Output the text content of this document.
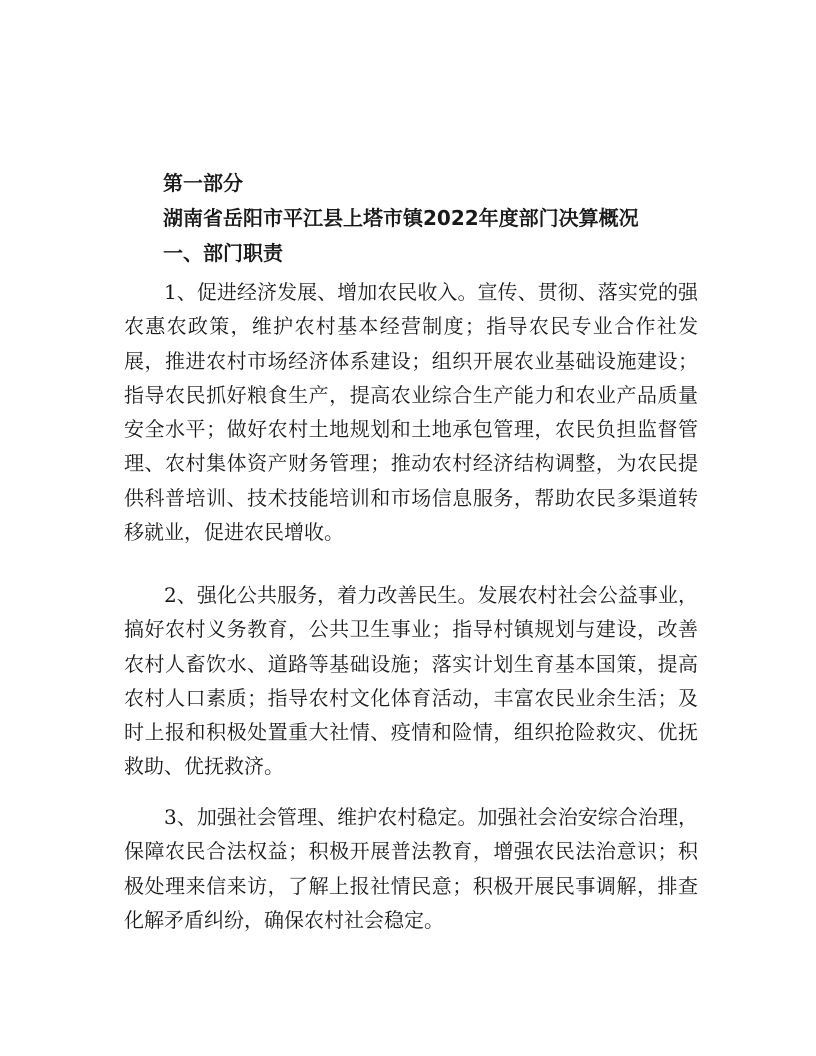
第一部分
湖南省岳阳市平江县上塔市镇2022年度部门决算概况
一、部门职责

1、促进经济发展、增加农民收入。宣传、贯彻、落实党的强农惠农政策，维护农村基本经营制度；指导农民专业合作社发展，推进农村市场经济体系建设；组织开展农业基础设施建设；指导农民抓好粮食生产，提高农业综合生产能力和农业产品质量安全水平；做好农村土地规划和土地承包管理，农民负担监督管理、农村集体资产财务管理；推动农村经济结构调整，为农民提供科普培训、技术技能培训和市场信息服务，帮助农民多渠道转移就业，促进农民增收。

2、强化公共服务，着力改善民生。发展农村社会公益事业，搞好农村义务教育，公共卫生事业；指导村镇规划与建设，改善农村人畜饮水、道路等基础设施；落实计划生育基本国策，提高农村人口素质；指导农村文化体育活动，丰富农民业余生活；及时上报和积极处置重大社情、疫情和险情，组织抢险救灾、优抚救助、优抚救济。

3、加强社会管理、维护农村稳定。加强社会治安综合治理，保障农民合法权益；积极开展普法教育，增强农民法治意识；积极处理来信来访，了解上报社情民意；积极开展民事调解，排查化解矛盾纠纷，确保农村社会稳定。
